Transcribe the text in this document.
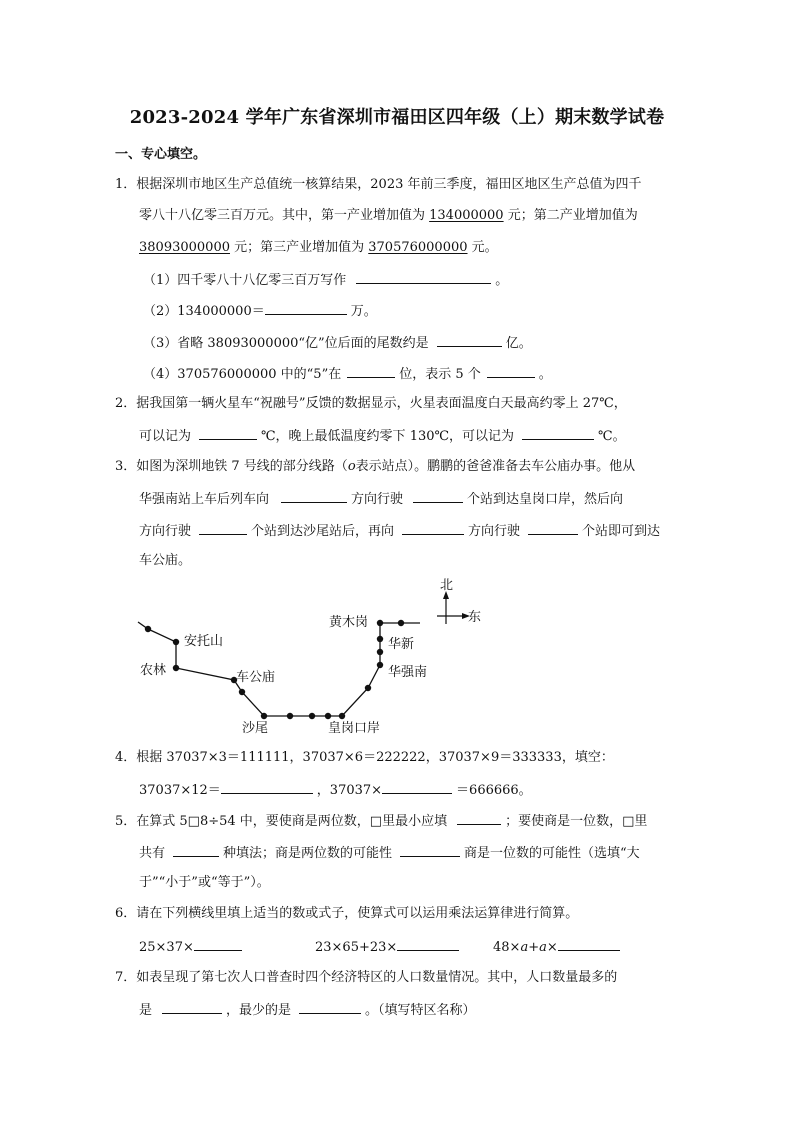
2023-2024 学年广东省深圳市福田区四年级（上）期末数学试卷
一、专心填空。
1．根据深圳市地区生产总值统一核算结果，2023 年前三季度，福田区地区生产总值为四千
零八十八亿零三百万元。其中，第一产业增加值为 134000000 元；第二产业增加值为
38093000000 元；第三产业增加值为 370576000000 元。
（1）四千零八十八亿零三百万写作	。
（2）134000000＝	万。
（3）省略 38093000000“亿”位后面的尾数约是	亿。
（4）370576000000 中的“5”在	位，表示 5 个	。
2．据我国第一辆火星车“祝融号”反馈的数据显示，火星表面温度白天最高约零上 27℃，
可以记为	℃，晚上最低温度约零下 130℃，可以记为	℃。
3．如图为深圳地铁 7 号线的部分线路（o表示站点）。鹏鹏的爸爸准备去车公庙办事。他从
华强南站上车后列车向	方向行驶	个站到达皇岗口岸，然后向
方向行驶	个站到达沙尾站后，再向	方向行驶	个站即可到达
车公庙。
北
东
黄木岗
华新
华强南
安托山
农林	车公庙
沙尾	皇岗口岸
4．根据 37037×3＝111111，37037×6＝222222，37037×9＝333333，填空：
37037×12＝	，37037×	＝666666。
5．在算式 5□8÷54 中，要使商是两位数，□里最小应填	；要使商是一位数，□里
共有	种填法；商是两位数的可能性	商是一位数的可能性（选填“大
于”“小于”或“等于”）。
6．请在下列横线里填上适当的数或式子，使算式可以运用乘法运算律进行简算。
25×37×	23×65+23×	48×a+a×
7．如表呈现了第七次人口普查时四个经济特区的人口数量情况。其中，人口数量最多的
是	，最少的是	。（填写特区名称）
